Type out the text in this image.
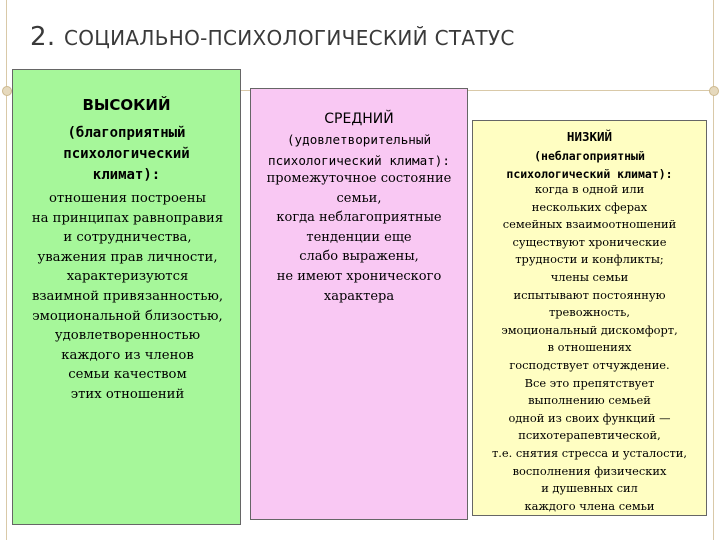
2. СОЦИАЛЬНО-ПСИХОЛОГИЧЕСКИЙ СТАТУС
ВЫСОКИЙ
(благоприятный
психологический
климат):
отношения построены
на принципах равноправия
и сотрудничества,
уважения прав личности,
характеризуются
взаимной привязанностью,
эмоциональной близостью,
удовлетворенностью
каждого из членов
семьи качеством
этих отношений
СРЕДНИЙ
(удовлетворительный
психологический климат):
промежуточное состояние
семьи,
когда неблагоприятные
тенденции еще
слабо выражены,
не имеют хронического
характера
НИЗКИЙ
(неблагоприятный
психологический климат):
когда в одной или
нескольких сферах
семейных взаимоотношений
существуют хронические
трудности и конфликты;
члены семьи
испытывают постоянную
тревожность,
эмоциональный дискомфорт,
в отношениях
господствует отчуждение.
Все это препятствует
выполнению семьей
одной из своих функций —
психотерапевтической,
т.е. снятия стресса и усталости,
восполнения физических
и душевных сил
каждого члена семьи
